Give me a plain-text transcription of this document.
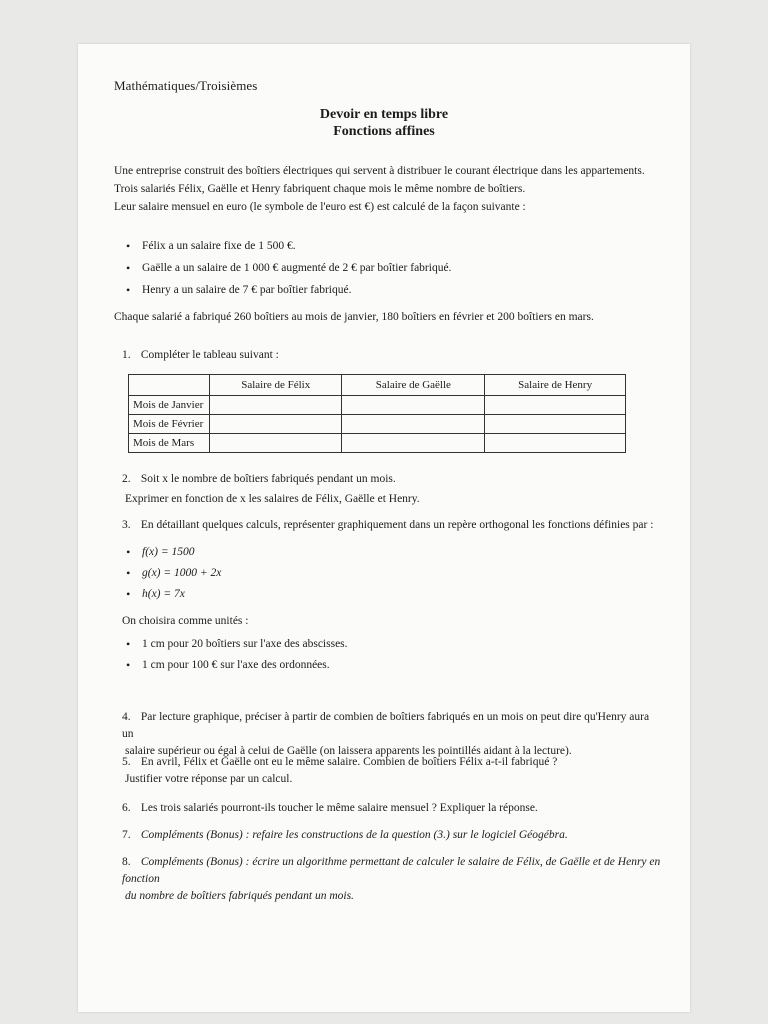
Mathématiques/Troisièmes
Devoir en temps libre
Fonctions affines
Une entreprise construit des boîtiers électriques qui servent à distribuer le courant électrique dans les appartements.
Trois salariés Félix, Gaëlle et Henry fabriquent chaque mois le même nombre de boîtiers.
Leur salaire mensuel en euro (le symbole de l'euro est €) est calculé de la façon suivante :
• Félix a un salaire fixe de 1 500 €.
• Gaëlle a un salaire de 1 000 € augmenté de 2 € par boîtier fabriqué.
• Henry a un salaire de 7 € par boîtier fabriqué.
Chaque salarié a fabriqué 260 boîtiers au mois de janvier, 180 boîtiers en février et 200 boîtiers en mars.
1. Compléter le tableau suivant :
	Salaire de Félix	Salaire de Gaëlle	Salaire de Henry
Mois de Janvier			
Mois de Février			
Mois de Mars			
2. Soit x le nombre de boîtiers fabriqués pendant un mois.
Exprimer en fonction de x les salaires de Félix, Gaëlle et Henry.
3. En détaillant quelques calculs, représenter graphiquement dans un repère orthogonal les fonctions définies par :
• f(x) = 1500
• g(x) = 1000 + 2x
• h(x) = 7x
On choisira comme unités :
• 1 cm pour 20 boîtiers sur l'axe des abscisses.
• 1 cm pour 100 € sur l'axe des ordonnées.
4. Par lecture graphique, préciser à partir de combien de boîtiers fabriqués en un mois on peut dire qu'Henry aura un
salaire supérieur ou égal à celui de Gaëlle (on laissera apparents les pointillés aidant à la lecture).
5. En avril, Félix et Gaëlle ont eu le même salaire. Combien de boîtiers Félix a-t-il fabriqué ?
Justifier votre réponse par un calcul.
6. Les trois salariés pourront-ils toucher le même salaire mensuel ? Expliquer la réponse.
7. Compléments (Bonus) : refaire les constructions de la question (3.) sur le logiciel Géogébra.
8. Compléments (Bonus) : écrire un algorithme permettant de calculer le salaire de Félix, de Gaëlle et de Henry en fonction
du nombre de boîtiers fabriqués pendant un mois.
